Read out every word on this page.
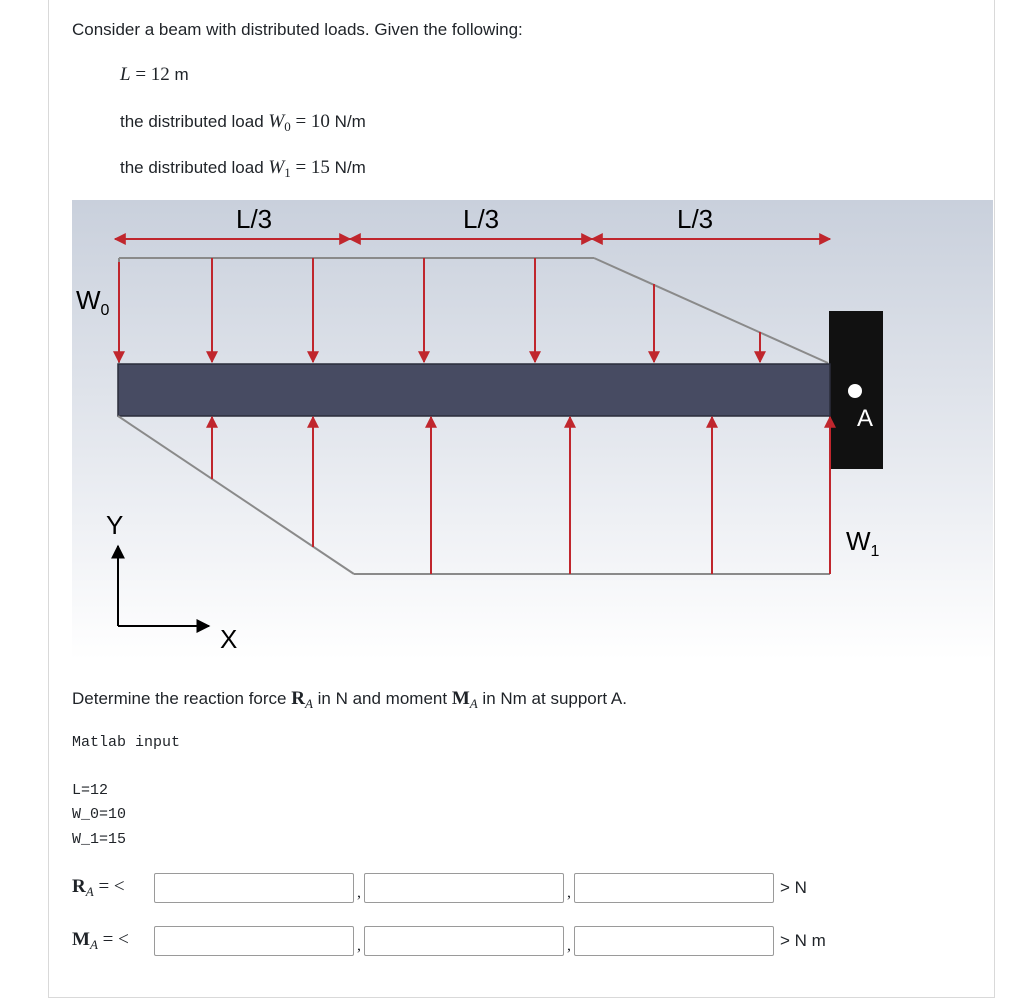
Consider a beam with distributed loads. Given the following:
L = 12 m
the distributed load $W_0 = 10$ N/m
the distributed load $W_1 = 15$ N/m
L/3	L/3	L/3
A
$W_0$
$W_1$
Y
X
Determine the reaction force $R_A$ in N and moment $M_A$ in Nm at support A.
Matlab input
L=12
W_0=10
W_1=15
$R_A$ = <	,	,	> N
$M_A$ = <	,	,	> N m
